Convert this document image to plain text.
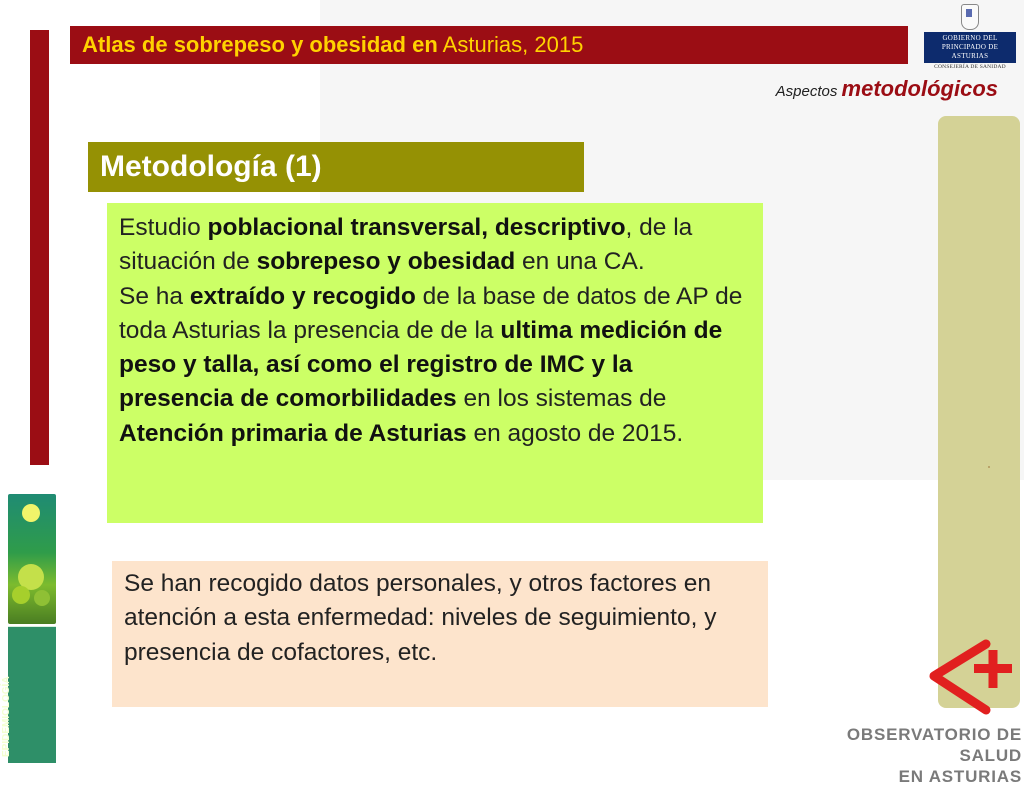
Atlas de sobrepeso y obesidad en Asturias, 2015	GOBIERNO DEL
PRINCIPADO DE ASTURIAS
CONSEJERÍA DE SANIDAD
Aspectos metodológicos
Metodología (1)
Estudio poblacional transversal, descriptivo, de la situación de sobrepeso y obesidad en una CA.
Se ha extraído y recogido de la base de datos de AP de toda Asturias la presencia de de la ultima medición de peso y talla, así como el registro de IMC y la presencia de comorbilidades en los sistemas de Atención primaria de Asturias en agosto de 2015.
Se han recogido datos personales, y otros factores en atención a esta enfermedad: niveles de seguimiento, y presencia de cofactores, etc.
EPIDEMIOLOGÍA	OBSERVATORIO DE SALUD
EN ASTURIAS
